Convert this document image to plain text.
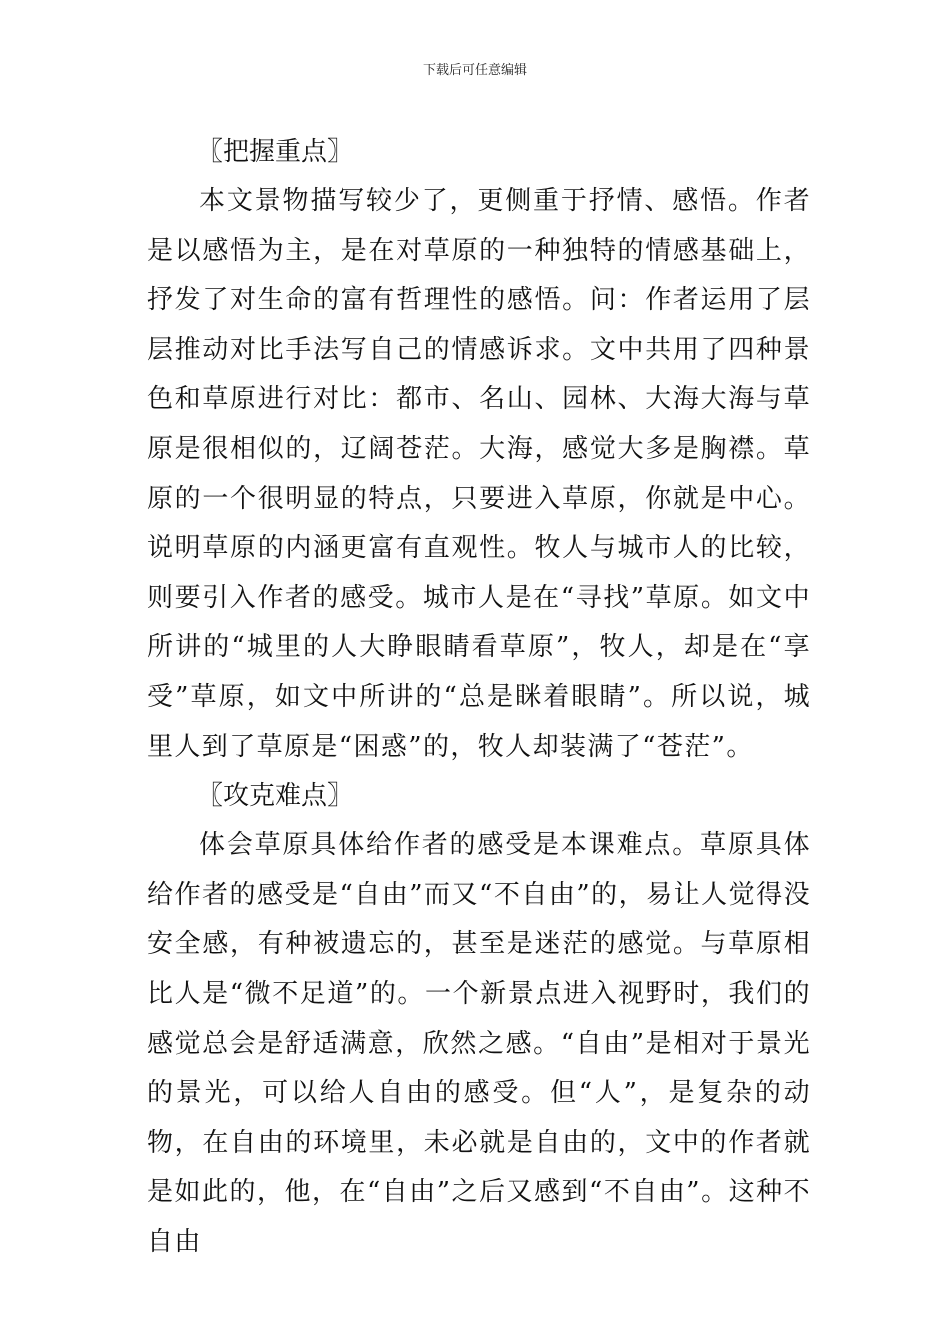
下载后可任意编辑
〖把握重点〗

本文景物描写较少了，更侧重于抒情、感悟。作者是以感悟为主，是在对草原的一种独特的情感基础上，抒发了对生命的富有哲理性的感悟。问：作者运用了层层推动对比手法写自己的情感诉求。文中共用了四种景色和草原进行对比：都市、名山、园林、大海大海与草原是很相似的，辽阔苍茫。大海，感觉大多是胸襟。草原的一个很明显的特点，只要进入草原，你就是中心。说明草原的内涵更富有直观性。牧人与城市人的比较，则要引入作者的感受。城市人是在“寻找”草原。如文中所讲的“城里的人大睁眼睛看草原”，牧人，却是在“享受”草原，如文中所讲的“总是眯着眼睛”。所以说，城里人到了草原是“困惑”的，牧人却装满了“苍茫”。

〖攻克难点〗

体会草原具体给作者的感受是本课难点。草原具体给作者的感受是“自由”而又“不自由”的，易让人觉得没安全感，有种被遗忘的，甚至是迷茫的感觉。与草原相比人是“微不足道”的。一个新景点进入视野时，我们的感觉总会是舒适满意，欣然之感。“自由”是相对于景光的景光，可以给人自由的感受。但“人”，是复杂的动物，在自由的环境里，未必就是自由的，文中的作者就是如此的，他，在“自由”之后又感到“不自由”。这种不自由
